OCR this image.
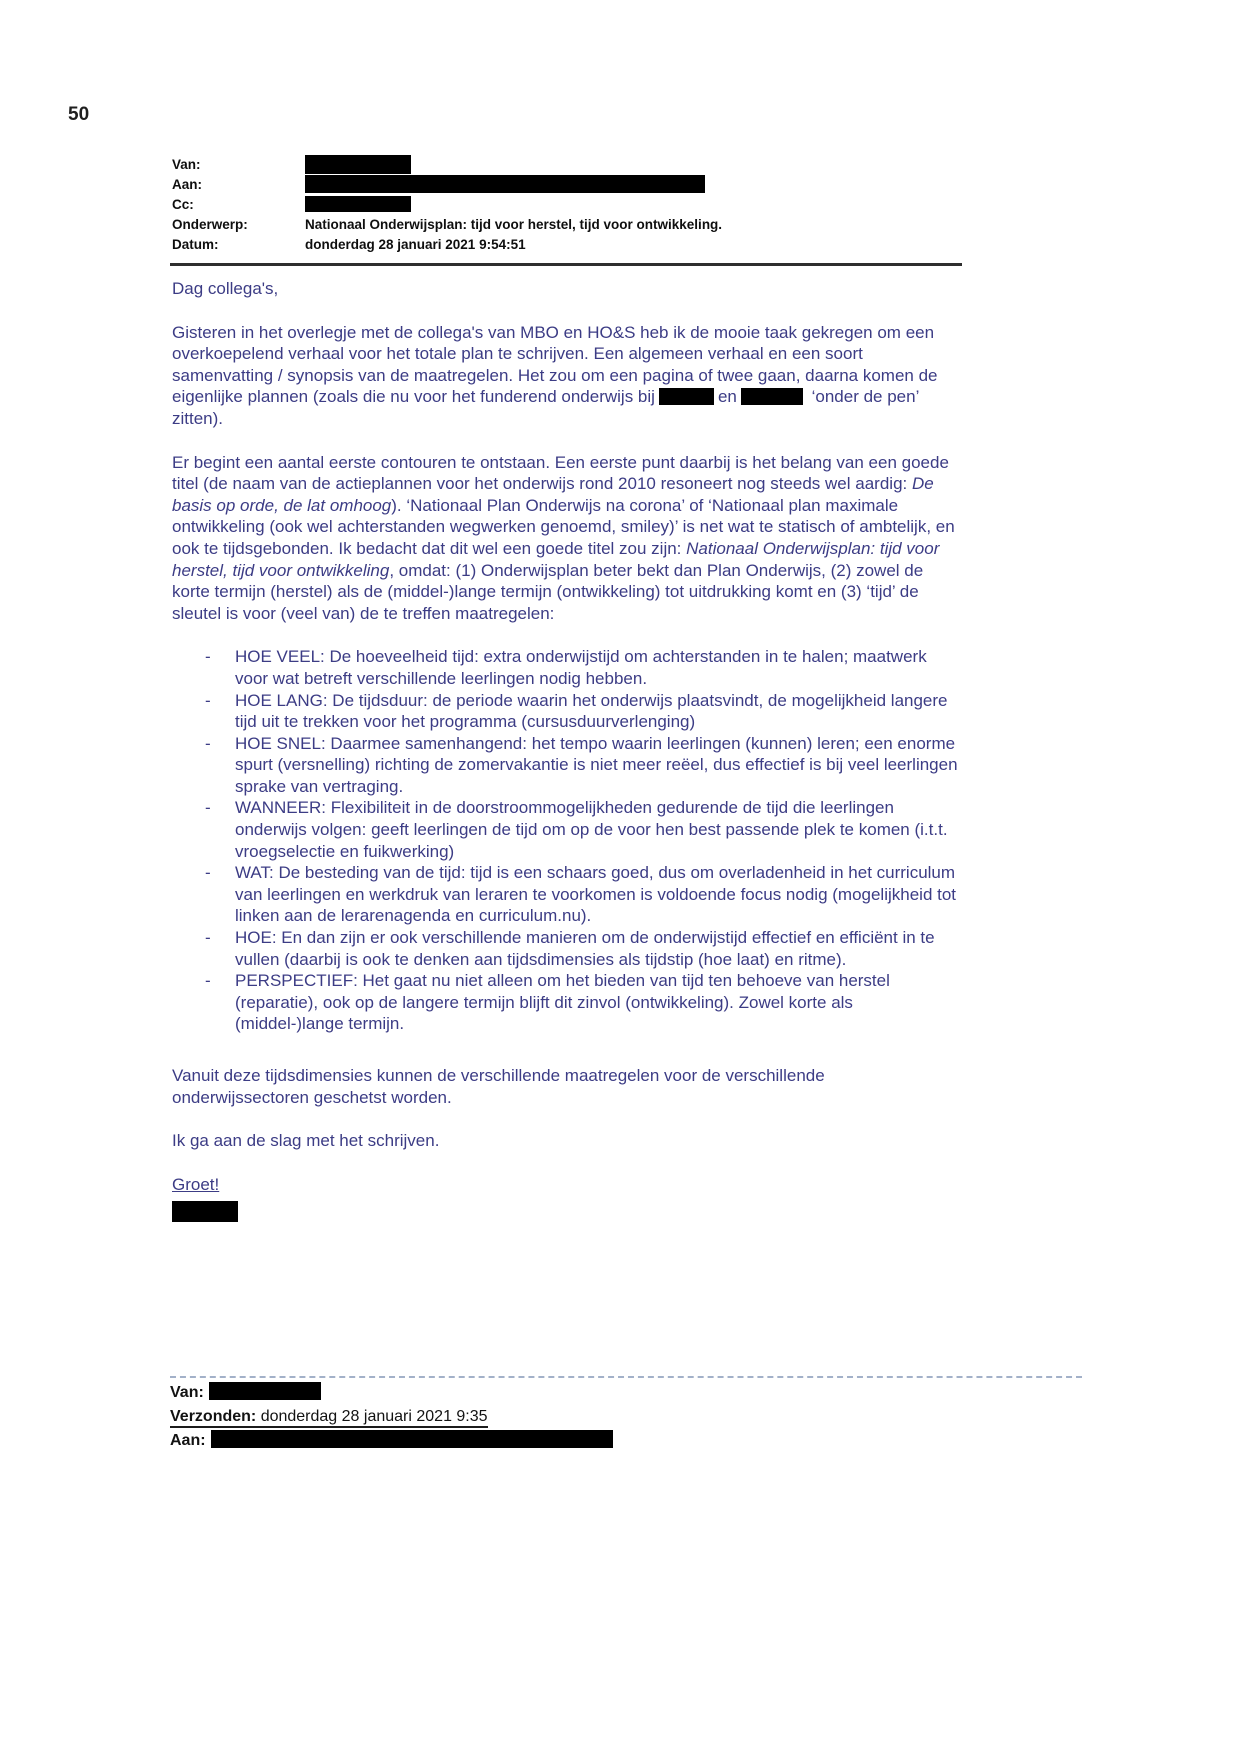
50
Van:
Aan:
Cc:
Onderwerp:	Nationaal Onderwijsplan: tijd voor herstel, tijd voor ontwikkeling.
Datum:	donderdag 28 januari 2021 9:54:51

Dag collega's,

Gisteren in het overlegje met de collega's van MBO en HO&S heb ik de mooie taak gekregen om een overkoepelend verhaal voor het totale plan te schrijven. Een algemeen verhaal en een soort samenvatting / synopsis van de maatregelen. Het zou om een pagina of twee gaan, daarna komen de eigenlijke plannen (zoals die nu voor het funderend onderwijs bij	en	‘onder de pen’ zitten).

Er begint een aantal eerste contouren te ontstaan. Een eerste punt daarbij is het belang van een goede titel (de naam van de actieplannen voor het onderwijs rond 2010 resoneert nog steeds wel aardig: De basis op orde, de lat omhoog). ‘Nationaal Plan Onderwijs na corona’ of ‘Nationaal plan maximale ontwikkeling (ook wel achterstanden wegwerken genoemd, smiley)’ is net wat te statisch of ambtelijk, en ook te tijdsgebonden. Ik bedacht dat dit wel een goede titel zou zijn: Nationaal Onderwijsplan: tijd voor herstel, tijd voor ontwikkeling, omdat: (1) Onderwijsplan beter bekt dan Plan Onderwijs, (2) zowel de korte termijn (herstel) als de (middel-)lange termijn (ontwikkeling) tot uitdrukking komt en (3) ‘tijd’ de sleutel is voor (veel van) de te treffen maatregelen:

-	HOE VEEL: De hoeveelheid tijd: extra onderwijstijd om achterstanden in te halen; maatwerk voor wat betreft verschillende leerlingen nodig hebben.
-	HOE LANG: De tijdsduur: de periode waarin het onderwijs plaatsvindt, de mogelijkheid langere tijd uit te trekken voor het programma (cursusduurverlenging)
-	HOE SNEL: Daarmee samenhangend: het tempo waarin leerlingen (kunnen) leren; een enorme spurt (versnelling) richting de zomervakantie is niet meer reëel, dus effectief is bij veel leerlingen sprake van vertraging.
-	WANNEER: Flexibiliteit in de doorstroommogelijkheden gedurende de tijd die leerlingen onderwijs volgen: geeft leerlingen de tijd om op de voor hen best passende plek te komen (i.t.t. vroegselectie en fuikwerking)
-	WAT: De besteding van de tijd: tijd is een schaars goed, dus om overladenheid in het curriculum van leerlingen en werkdruk van leraren te voorkomen is voldoende focus nodig (mogelijkheid tot linken aan de lerarenagenda en curriculum.nu).
-	HOE: En dan zijn er ook verschillende manieren om de onderwijstijd effectief en efficiënt in te vullen (daarbij is ook te denken aan tijdsdimensies als tijdstip (hoe laat) en ritme).
-	PERSPECTIEF: Het gaat nu niet alleen om het bieden van tijd ten behoeve van herstel (reparatie), ook op de langere termijn blijft dit zinvol (ontwikkeling). Zowel korte als (middel-)lange termijn.

Vanuit deze tijdsdimensies kunnen de verschillende maatregelen voor de verschillende onderwijssectoren geschetst worden.

Ik ga aan de slag met het schrijven.

Groet!

Van:
Verzonden: donderdag 28 januari 2021 9:35
Aan:
